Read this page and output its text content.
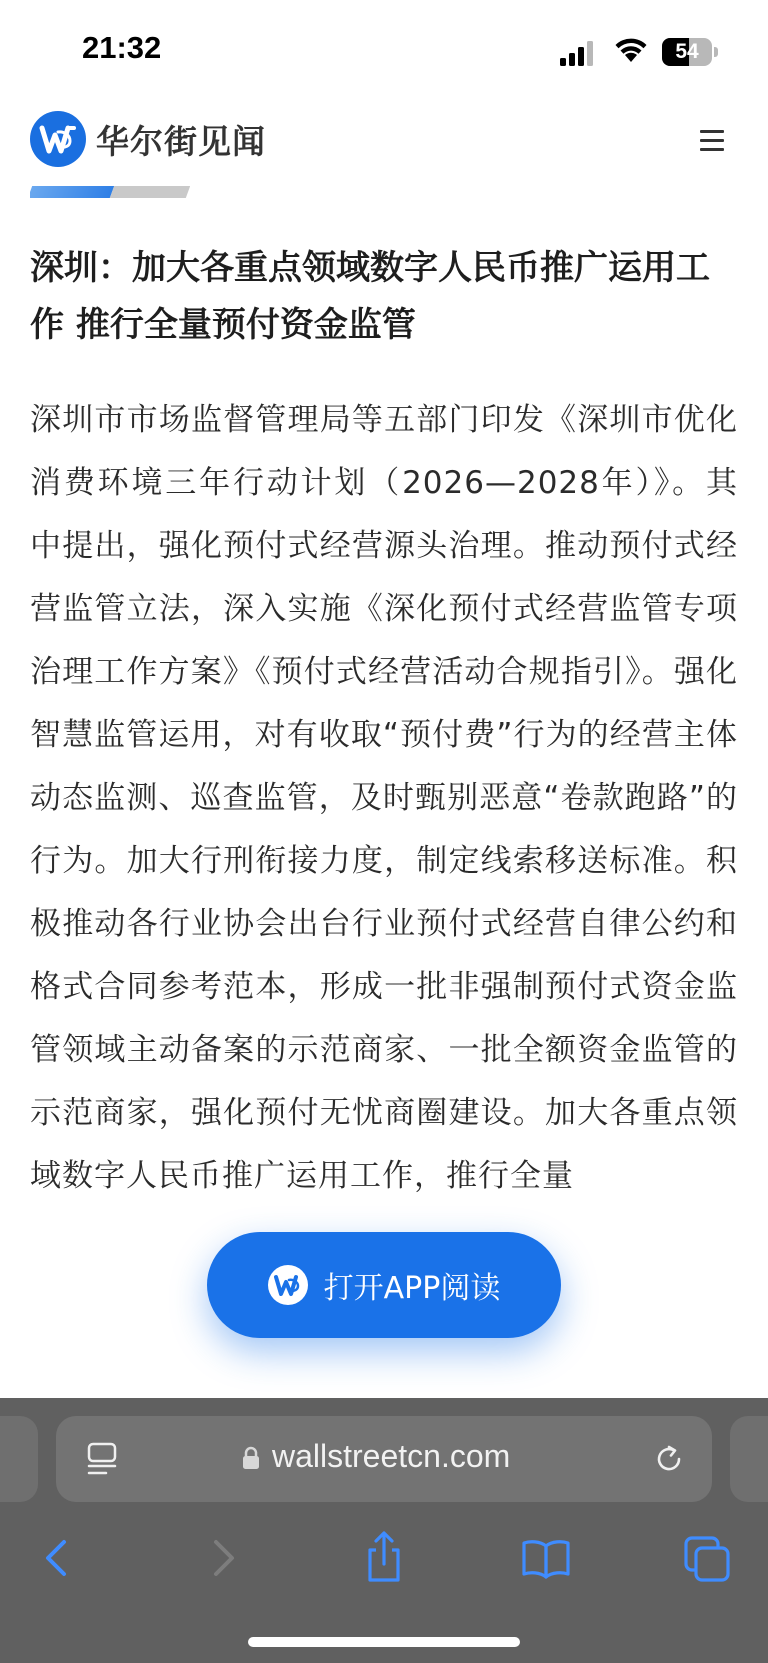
21:32	54
华尔街见闻
深圳：加大各重点领域数字人民币推广运用工作 推行全量预付资金监管

深圳市市场监督管理局等五部门印发《深圳市优化消费环境三年行动计划（2026—2028年）》。其中提出，强化预付式经营源头治理。推动预付式经营监管立法，深入实施《深化预付式经营监管专项治理工作方案》《预付式经营活动合规指引》。强化智慧监管运用，对有收取“预付费”行为的经营主体动态监测、巡查监管，及时甄别恶意“卷款跑路”的行为。加大行刑衔接力度，制定线索移送标准。积极推动各行业协会出台行业预付式经营自律公约和格式合同参考范本，形成一批非强制预付式资金监管领域主动备案的示范商家、一批全额资金监管的示范商家，强化预付无忧商圈建设。加大各重点领域数字人民币推广运用工作，推行全量

打开APP阅读
wallstreetcn.com
